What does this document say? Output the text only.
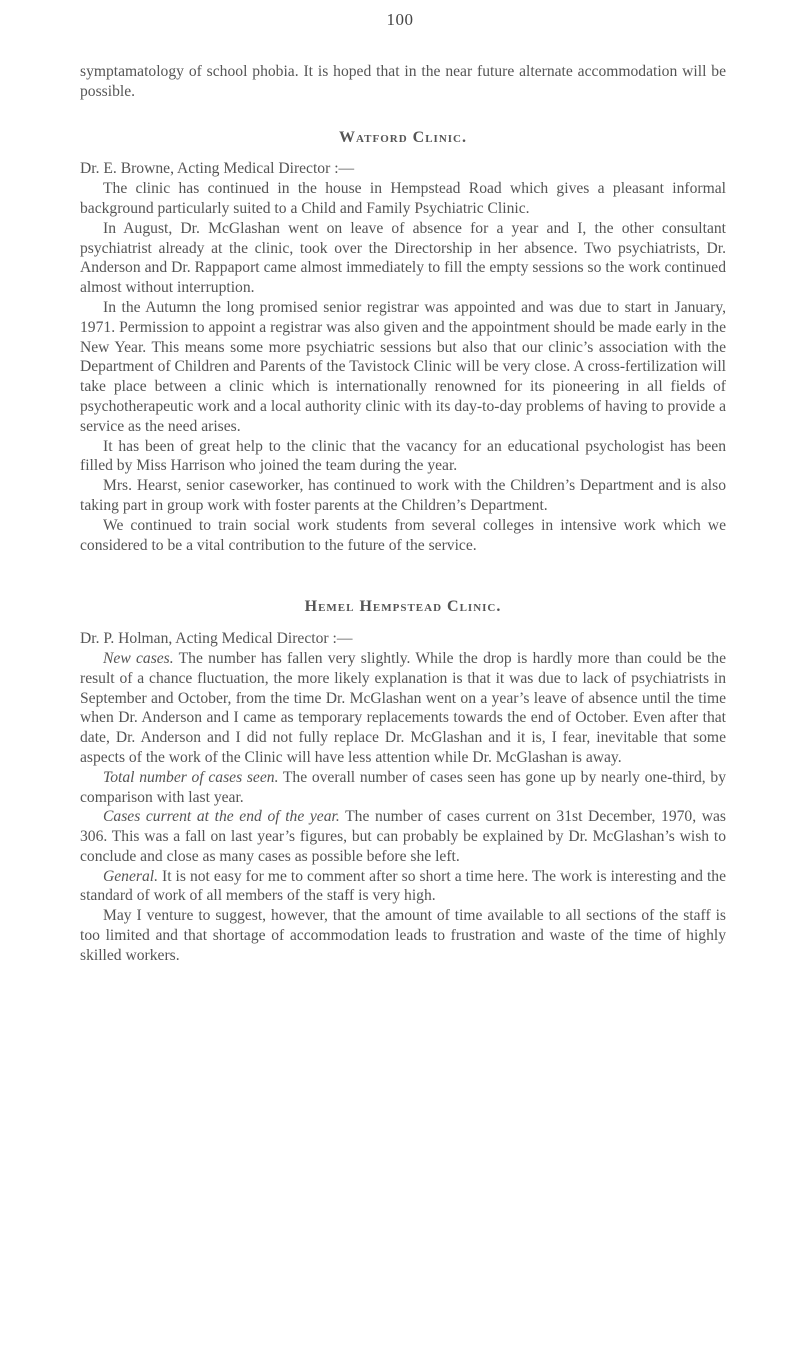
100

symptamatology of school phobia. It is hoped that in the near future alternate accommodation will be possible.

Watford Clinic.

Dr. E. Browne, Acting Medical Director :—

The clinic has continued in the house in Hempstead Road which gives a pleasant informal background particularly suited to a Child and Family Psychiatric Clinic.

In August, Dr. McGlashan went on leave of absence for a year and I, the other consultant psychiatrist already at the clinic, took over the Directorship in her absence. Two psychiatrists, Dr. Anderson and Dr. Rappaport came almost immediately to fill the empty sessions so the work continued almost without interruption.

In the Autumn the long promised senior registrar was appointed and was due to start in January, 1971. Permission to appoint a registrar was also given and the appointment should be made early in the New Year. This means some more psychiatric sessions but also that our clinic’s association with the Department of Children and Parents of the Tavistock Clinic will be very close. A cross-fertilization will take place between a clinic which is internationally renowned for its pioneering in all fields of psychotherapeutic work and a local authority clinic with its day-to-day problems of having to provide a service as the need arises.

It has been of great help to the clinic that the vacancy for an educational psychologist has been filled by Miss Harrison who joined the team during the year.

Mrs. Hearst, senior caseworker, has continued to work with the Children’s Department and is also taking part in group work with foster parents at the Children’s Department.

We continued to train social work students from several colleges in intensive work which we considered to be a vital contribution to the future of the service.

Hemel Hempstead Clinic.

Dr. P. Holman, Acting Medical Director :—

New cases. The number has fallen very slightly. While the drop is hardly more than could be the result of a chance fluctuation, the more likely explanation is that it was due to lack of psychiatrists in September and October, from the time Dr. McGlashan went on a year’s leave of absence until the time when Dr. Anderson and I came as temporary replacements towards the end of October. Even after that date, Dr. Anderson and I did not fully replace Dr. McGlashan and it is, I fear, inevitable that some aspects of the work of the Clinic will have less attention while Dr. McGlashan is away.

Total number of cases seen. The overall number of cases seen has gone up by nearly one-third, by comparison with last year.

Cases current at the end of the year. The number of cases current on 31st December, 1970, was 306. This was a fall on last year’s figures, but can probably be explained by Dr. McGlashan’s wish to conclude and close as many cases as possible before she left.

General. It is not easy for me to comment after so short a time here. The work is interesting and the standard of work of all members of the staff is very high.

May I venture to suggest, however, that the amount of time available to all sections of the staff is too limited and that shortage of accommodation leads to frustration and waste of the time of highly skilled workers.
